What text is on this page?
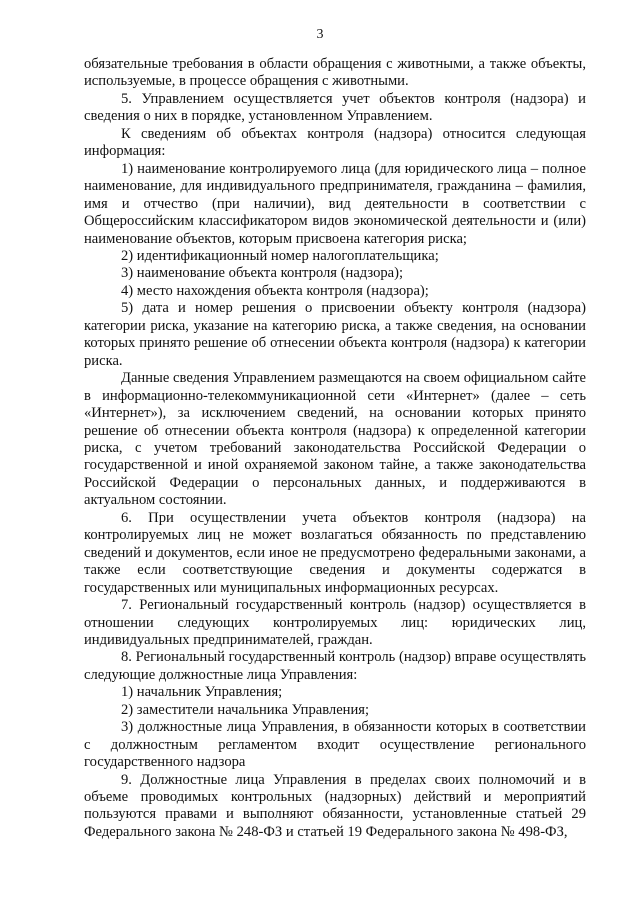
3

обязательные требования в области обращения с животными, а также объекты, используемые, в процессе обращения с животными.

5. Управлением осуществляется учет объектов контроля (надзора) и сведения о них в порядке, установленном Управлением.

К сведениям об объектах контроля (надзора) относится следующая информация:

1) наименование контролируемого лица (для юридического лица – полное наименование, для индивидуального предпринимателя, гражданина – фамилия, имя и отчество (при наличии), вид деятельности в соответствии с Общероссийским классификатором видов экономической деятельности и (или) наименование объектов, которым присвоена категория риска;

2) идентификационный номер налогоплательщика;

3) наименование объекта контроля (надзора);

4) место нахождения объекта контроля (надзора);

5) дата и номер решения о присвоении объекту контроля (надзора) категории риска, указание на категорию риска, а также сведения, на основании которых принято решение об отнесении объекта контроля (надзора) к категории риска.

Данные сведения Управлением размещаются на своем официальном сайте в информационно-телекоммуникационной сети «Интернет» (далее – сеть «Интернет»), за исключением сведений, на основании которых принято решение об отнесении объекта контроля (надзора) к определенной категории риска, с учетом требований законодательства Российской Федерации о государственной и иной охраняемой законом тайне, а также законодательства Российской Федерации о персональных данных, и поддерживаются в актуальном состоянии.

6. При осуществлении учета объектов контроля (надзора) на контролируемых лиц не может возлагаться обязанность по представлению сведений и документов, если иное не предусмотрено федеральными законами, а также если соответствующие сведения и документы содержатся в государственных или муниципальных информационных ресурсах.

7. Региональный государственный контроль (надзор) осуществляется в отношении следующих контролируемых лиц: юридических лиц, индивидуальных предпринимателей, граждан.

8. Региональный государственный контроль (надзор) вправе осуществлять следующие должностные лица Управления:

1) начальник Управления;

2) заместители начальника Управления;

3) должностные лица Управления, в обязанности которых в соответствии с должностным регламентом входит осуществление регионального государственного надзора

9. Должностные лица Управления в пределах своих полномочий и в объеме проводимых контрольных (надзорных) действий и мероприятий пользуются правами и выполняют обязанности, установленные статьей 29 Федерального закона № 248-ФЗ и статьей 19 Федерального закона № 498-ФЗ,
